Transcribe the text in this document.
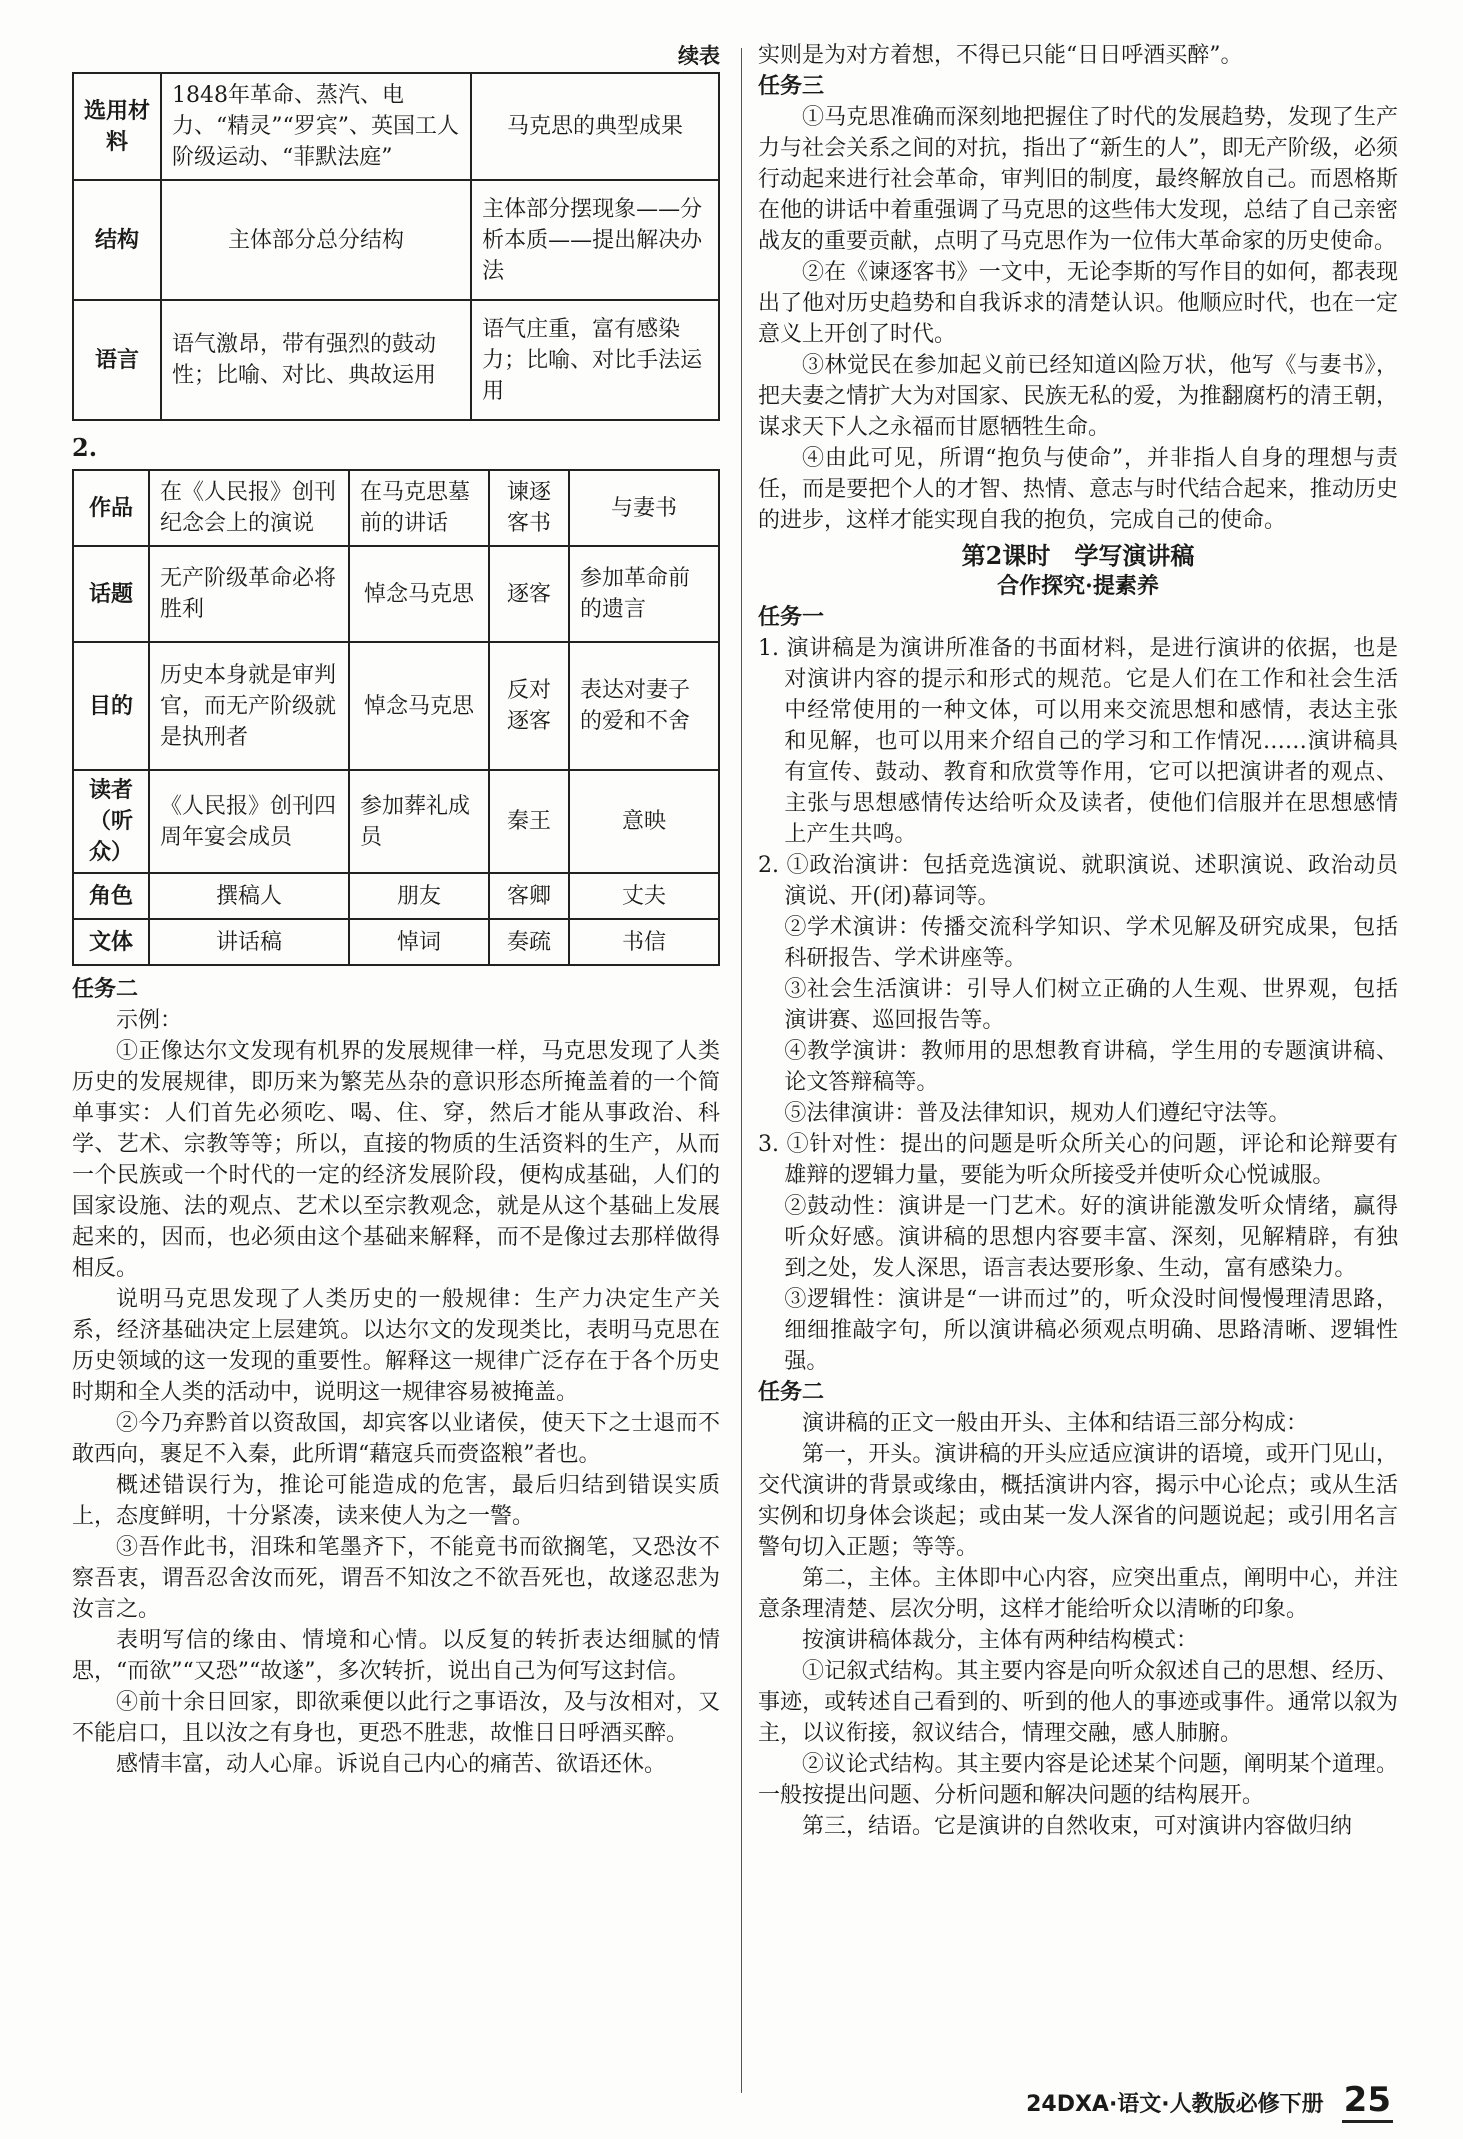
续表
选用材料	1848年革命、蒸汽、电力、“精灵”“罗宾”、英国工人阶级运动、“菲默法庭”	马克思的典型成果
结构	主体部分总分结构	主体部分摆现象——分析本质——提出解决办法
语言	语气激昂，带有强烈的鼓动性；比喻、对比、典故运用	语气庄重，富有感染力；比喻、对比手法运用
2.
作品	在《人民报》创刊纪念会上的演说	在马克思墓前的讲话	谏逐客书	与妻书
话题	无产阶级革命必将胜利	悼念马克思	逐客	参加革命前的遗言
目的	历史本身就是审判官，而无产阶级就是执刑者	悼念马克思	反对逐客	表达对妻子的爱和不舍
读者（听众）	《人民报》创刊四周年宴会成员	参加葬礼成员	秦王	意映
角色	撰稿人	朋友	客卿	丈夫
文体	讲话稿	悼词	奏疏	书信
任务二

示例：

①正像达尔文发现有机界的发展规律一样，马克思发现了人类历史的发展规律，即历来为繁芜丛杂的意识形态所掩盖着的一个简单事实：人们首先必须吃、喝、住、穿，然后才能从事政治、科学、艺术、宗教等等；所以，直接的物质的生活资料的生产，从而一个民族或一个时代的一定的经济发展阶段，便构成基础，人们的国家设施、法的观点、艺术以至宗教观念，就是从这个基础上发展起来的，因而，也必须由这个基础来解释，而不是像过去那样做得相反。

说明马克思发现了人类历史的一般规律：生产力决定生产关系，经济基础决定上层建筑。以达尔文的发现类比，表明马克思在历史领域的这一发现的重要性。解释这一规律广泛存在于各个历史时期和全人类的活动中，说明这一规律容易被掩盖。

②今乃弃黔首以资敌国，却宾客以业诸侯，使天下之士退而不敢西向，裹足不入秦，此所谓“藉寇兵而赍盗粮”者也。

概述错误行为，推论可能造成的危害，最后归结到错误实质上，态度鲜明，十分紧凑，读来使人为之一警。

③吾作此书，泪珠和笔墨齐下，不能竟书而欲搁笔，又恐汝不察吾衷，谓吾忍舍汝而死，谓吾不知汝之不欲吾死也，故遂忍悲为汝言之。

表明写信的缘由、情境和心情。以反复的转折表达细腻的情思，“而欲”“又恐”“故遂”，多次转折，说出自己为何写这封信。

④前十余日回家，即欲乘便以此行之事语汝，及与汝相对，又不能启口，且以汝之有身也，更恐不胜悲，故惟日日呼酒买醉。

感情丰富，动人心扉。诉说自己内心的痛苦、欲语还休。

实则是为对方着想，不得已只能“日日呼酒买醉”。

任务三

①马克思准确而深刻地把握住了时代的发展趋势，发现了生产力与社会关系之间的对抗，指出了“新生的人”，即无产阶级，必须行动起来进行社会革命，审判旧的制度，最终解放自己。而恩格斯在他的讲话中着重强调了马克思的这些伟大发现，总结了自己亲密战友的重要贡献，点明了马克思作为一位伟大革命家的历史使命。

②在《谏逐客书》一文中，无论李斯的写作目的如何，都表现出了他对历史趋势和自我诉求的清楚认识。他顺应时代，也在一定意义上开创了时代。

③林觉民在参加起义前已经知道凶险万状，他写《与妻书》，把夫妻之情扩大为对国家、民族无私的爱，为推翻腐朽的清王朝，谋求天下人之永福而甘愿牺牲生命。

④由此可见，所谓“抱负与使命”，并非指人自身的理想与责任，而是要把个人的才智、热情、意志与时代结合起来，推动历史的进步，这样才能实现自我的抱负，完成自己的使命。

第2课时　学写演讲稿
合作探究·提素养
任务一

1. 演讲稿是为演讲所准备的书面材料，是进行演讲的依据，也是对演讲内容的提示和形式的规范。它是人们在工作和社会生活中经常使用的一种文体，可以用来交流思想和感情，表达主张和见解，也可以用来介绍自己的学习和工作情况……演讲稿具有宣传、鼓动、教育和欣赏等作用，它可以把演讲者的观点、主张与思想感情传达给听众及读者，使他们信服并在思想感情上产生共鸣。

2. ①政治演讲：包括竞选演说、就职演说、述职演说、政治动员演说、开(闭)幕词等。

②学术演讲：传播交流科学知识、学术见解及研究成果，包括科研报告、学术讲座等。

③社会生活演讲：引导人们树立正确的人生观、世界观，包括演讲赛、巡回报告等。

④教学演讲：教师用的思想教育讲稿，学生用的专题演讲稿、论文答辩稿等。

⑤法律演讲：普及法律知识，规劝人们遵纪守法等。

3. ①针对性：提出的问题是听众所关心的问题，评论和论辩要有雄辩的逻辑力量，要能为听众所接受并使听众心悦诚服。

②鼓动性：演讲是一门艺术。好的演讲能激发听众情绪，赢得听众好感。演讲稿的思想内容要丰富、深刻，见解精辟，有独到之处，发人深思，语言表达要形象、生动，富有感染力。

③逻辑性：演讲是“一讲而过”的，听众没时间慢慢理清思路，细细推敲字句，所以演讲稿必须观点明确、思路清晰、逻辑性强。

任务二

演讲稿的正文一般由开头、主体和结语三部分构成：

第一，开头。演讲稿的开头应适应演讲的语境，或开门见山，交代演讲的背景或缘由，概括演讲内容，揭示中心论点；或从生活实例和切身体会谈起；或由某一发人深省的问题说起；或引用名言警句切入正题；等等。

第二，主体。主体即中心内容，应突出重点，阐明中心，并注意条理清楚、层次分明，这样才能给听众以清晰的印象。

按演讲稿体裁分，主体有两种结构模式：

①记叙式结构。其主要内容是向听众叙述自己的思想、经历、事迹，或转述自己看到的、听到的他人的事迹或事件。通常以叙为主，以议衔接，叙议结合，情理交融，感人肺腑。

②议论式结构。其主要内容是论述某个问题，阐明某个道理。一般按提出问题、分析问题和解决问题的结构展开。

第三，结语。它是演讲的自然收束，可对演讲内容做归纳

24DXA·语文·人教版必修下册 25
